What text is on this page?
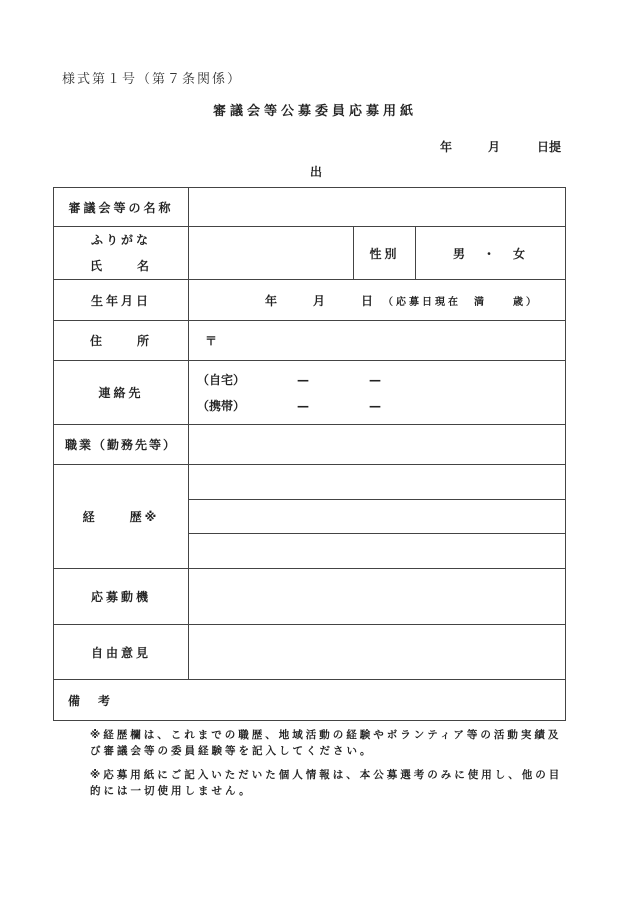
様式第１号（第７条関係）
審議会等公募委員応募用紙
年	月	日提
出
審議会等の名称			

ふりがな
氏 名		性別	男　・　女
生年月日	年 月 日 （応募日現在　満　　歳）		
住 所	〒		
連絡先	（自宅） — —
（携帯） — —		

職業（勤務先等）			
経 歴※			

応募動機			
自由意見			
備　考			
※経歴欄は、これまでの職歴、地域活動の経験やボランティア等の活動実績及び審議会等の委員経験等を記入してください。
※応募用紙にご記入いただいた個人情報は、本公募選考のみに使用し、他の目的には一切使用しません。
